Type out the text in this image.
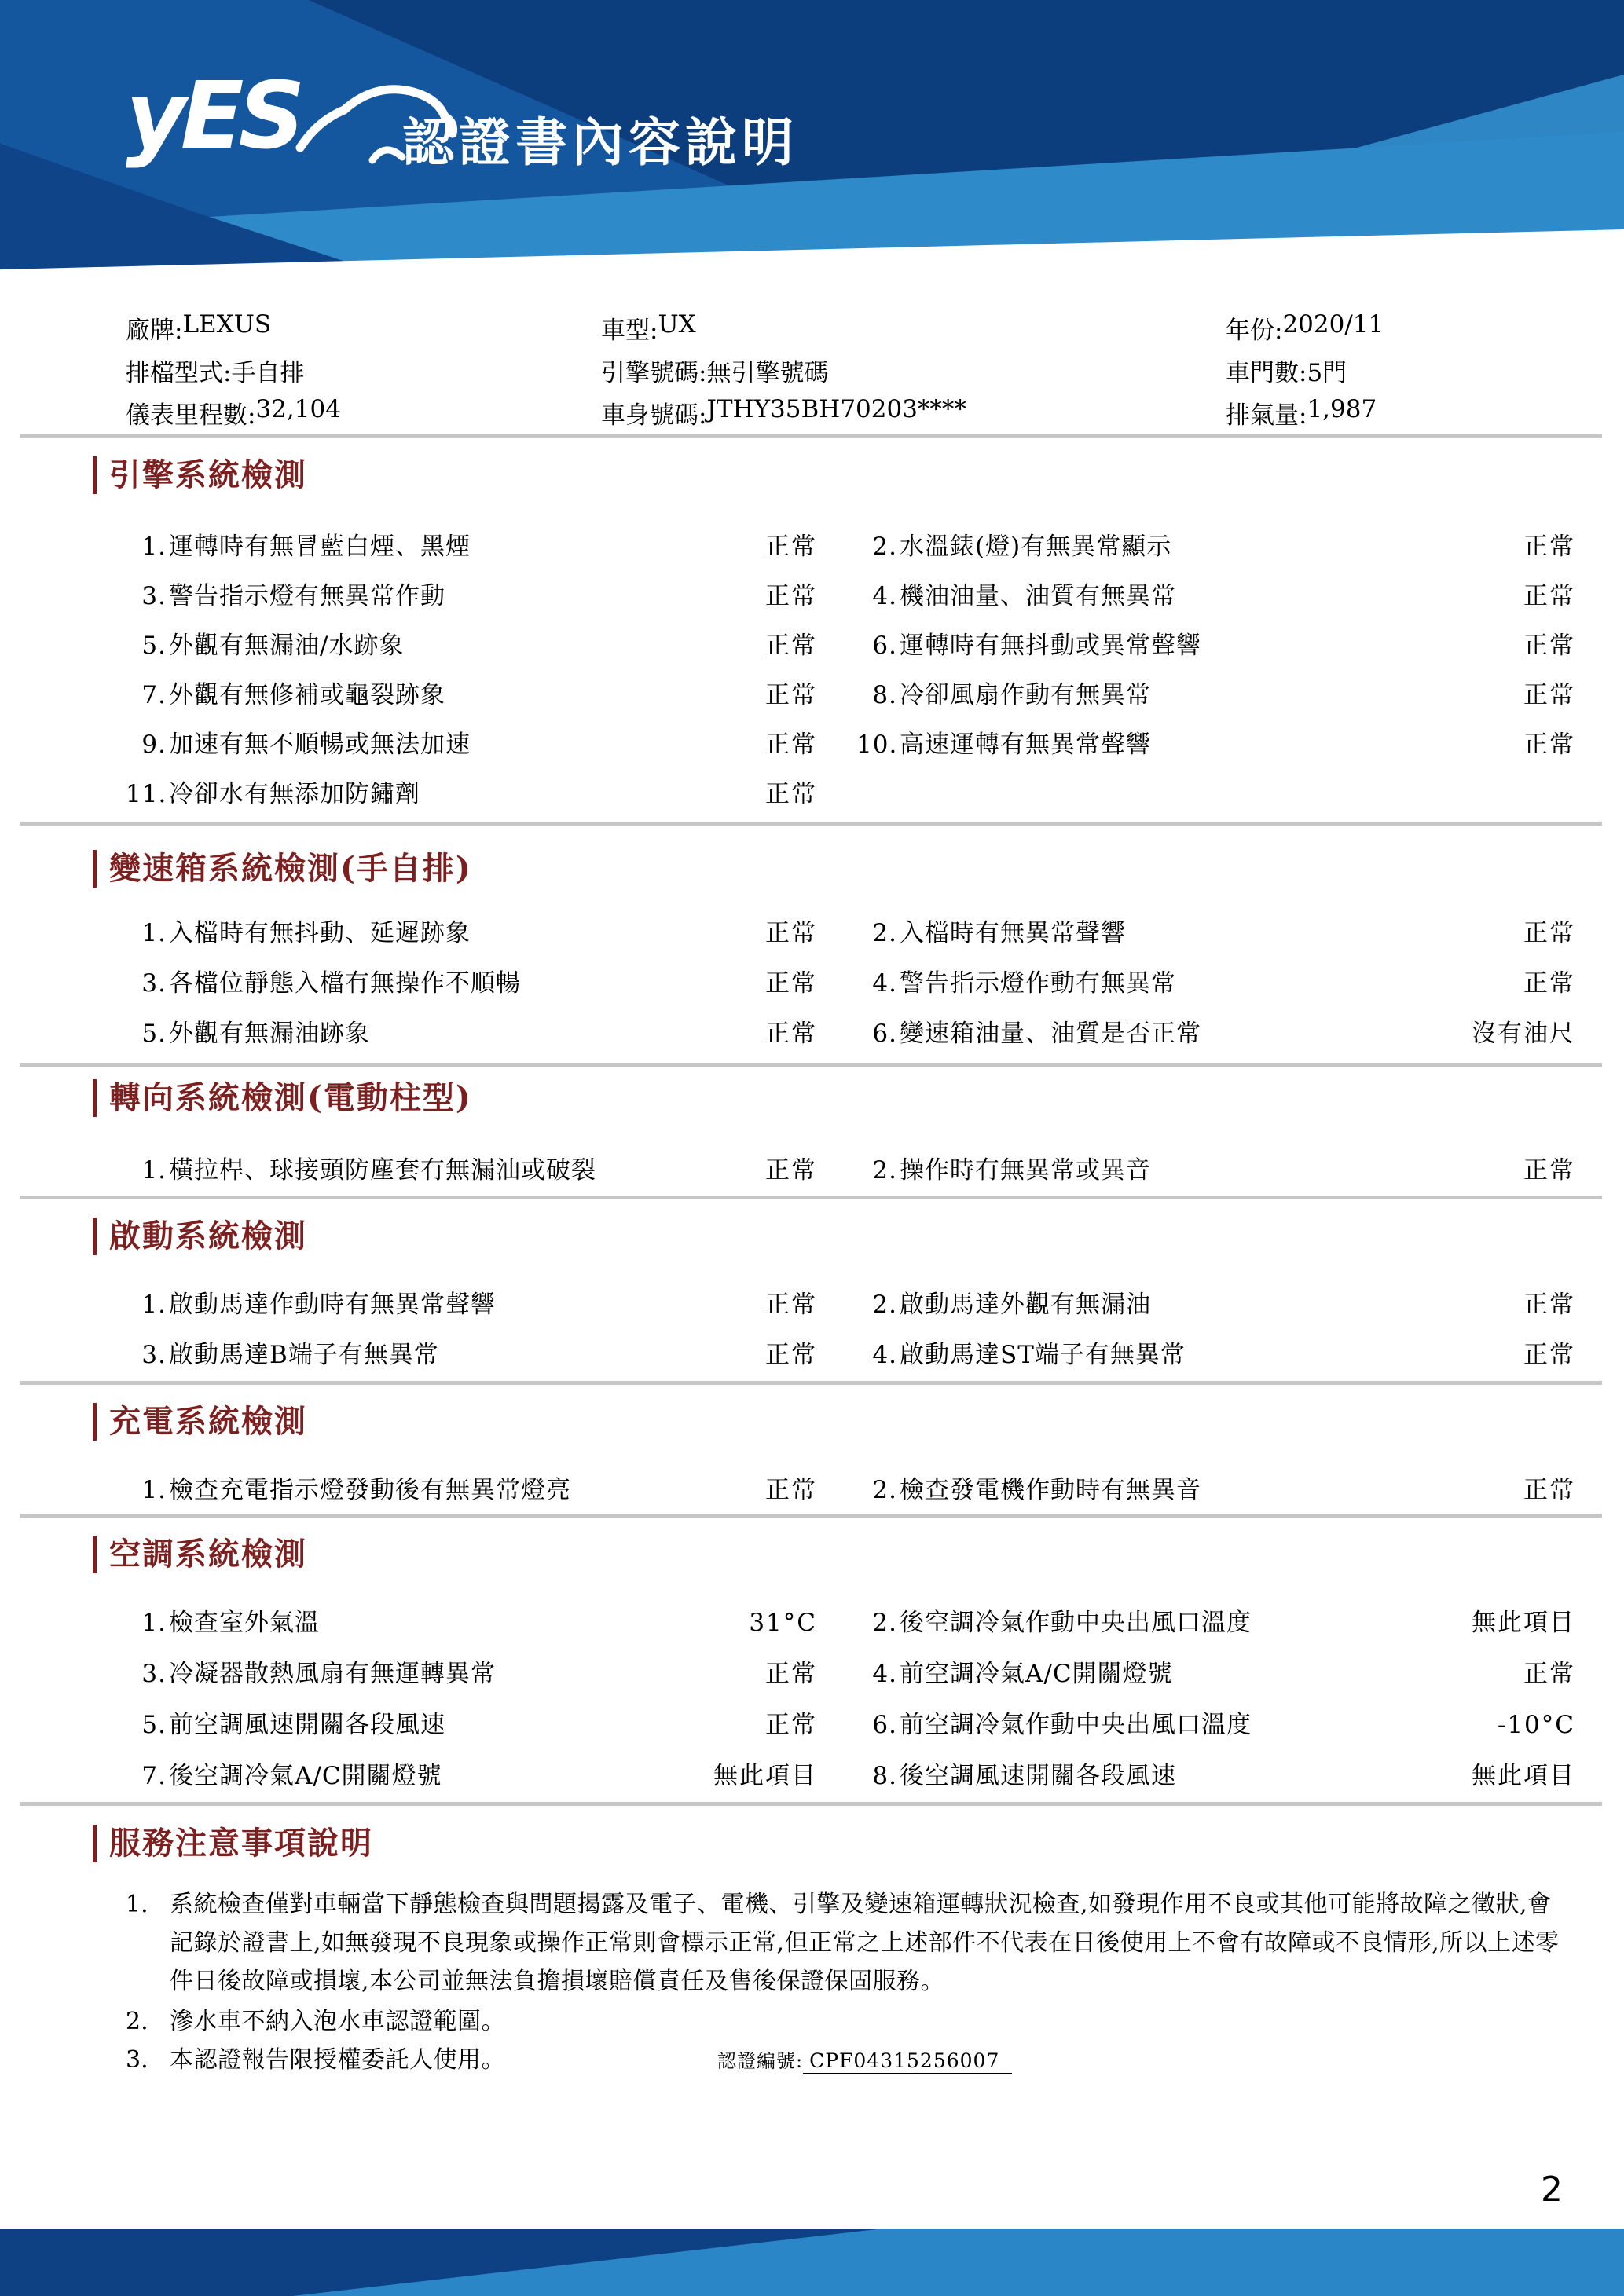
yES 認證書內容說明
廠牌: LEXUS	車型: UX	年份: 2020/11
排檔型式: 手自排	引擎號碼: 無引擎號碼	車門數: 5門
儀表里程數: 32,104	車身號碼: JTHY35BH70203****	排氣量: 1,987
引擎系統檢測
1. 運轉時有無冒藍白煙、黑煙	正常	2. 水溫錶(燈)有無異常顯示	正常
3. 警告指示燈有無異常作動	正常	4. 機油油量、油質有無異常	正常
5. 外觀有無漏油/水跡象	正常	6. 運轉時有無抖動或異常聲響	正常
7. 外觀有無修補或龜裂跡象	正常	8. 冷卻風扇作動有無異常	正常
9. 加速有無不順暢或無法加速	正常 10. 高速運轉有無異常聲響	正常
11. 冷卻水有無添加防鏽劑	正常
變速箱系統檢測(手自排)
1. 入檔時有無抖動、延遲跡象	正常	2. 入檔時有無異常聲響	正常
3. 各檔位靜態入檔有無操作不順暢	正常	4. 警告指示燈作動有無異常	正常
5. 外觀有無漏油跡象	正常	6. 變速箱油量、油質是否正常	沒有油尺
轉向系統檢測(電動柱型)
1. 橫拉桿、球接頭防塵套有無漏油或破裂	正常	2. 操作時有無異常或異音	正常
啟動系統檢測
1. 啟動馬達作動時有無異常聲響	正常	2. 啟動馬達外觀有無漏油	正常
3. 啟動馬達B端子有無異常	正常	4. 啟動馬達ST端子有無異常	正常
充電系統檢測
1. 檢查充電指示燈發動後有無異常燈亮	正常	2. 檢查發電機作動時有無異音	正常
空調系統檢測
1. 檢查室外氣溫	31°C	2. 後空調冷氣作動中央出風口溫度	無此項目
3. 冷凝器散熱風扇有無運轉異常	正常	4. 前空調冷氣A/C開關燈號	正常
5. 前空調風速開關各段風速	正常	6. 前空調冷氣作動中央出風口溫度	-10°C
7. 後空調冷氣A/C開關燈號	無此項目	8. 後空調風速開關各段風速	無此項目
服務注意事項說明
1. 系統檢查僅對車輛當下靜態檢查與問題揭露及電子、電機、引擎及變速箱運轉狀況檢查,如發現作用不良或其他可能將故障之徵狀,會記錄於證書上,如無發現不良現象或操作正常則會標示正常,但正常之上述部件不代表在日後使用上不會有故障或不良情形,所以上述零件日後故障或損壞,本公司並無法負擔損壞賠償責任及售後保證保固服務。
2. 滲水車不納入泡水車認證範圍。
3. 本認證報告限授權委託人使用。	認證編號: CPF04315256007
2
